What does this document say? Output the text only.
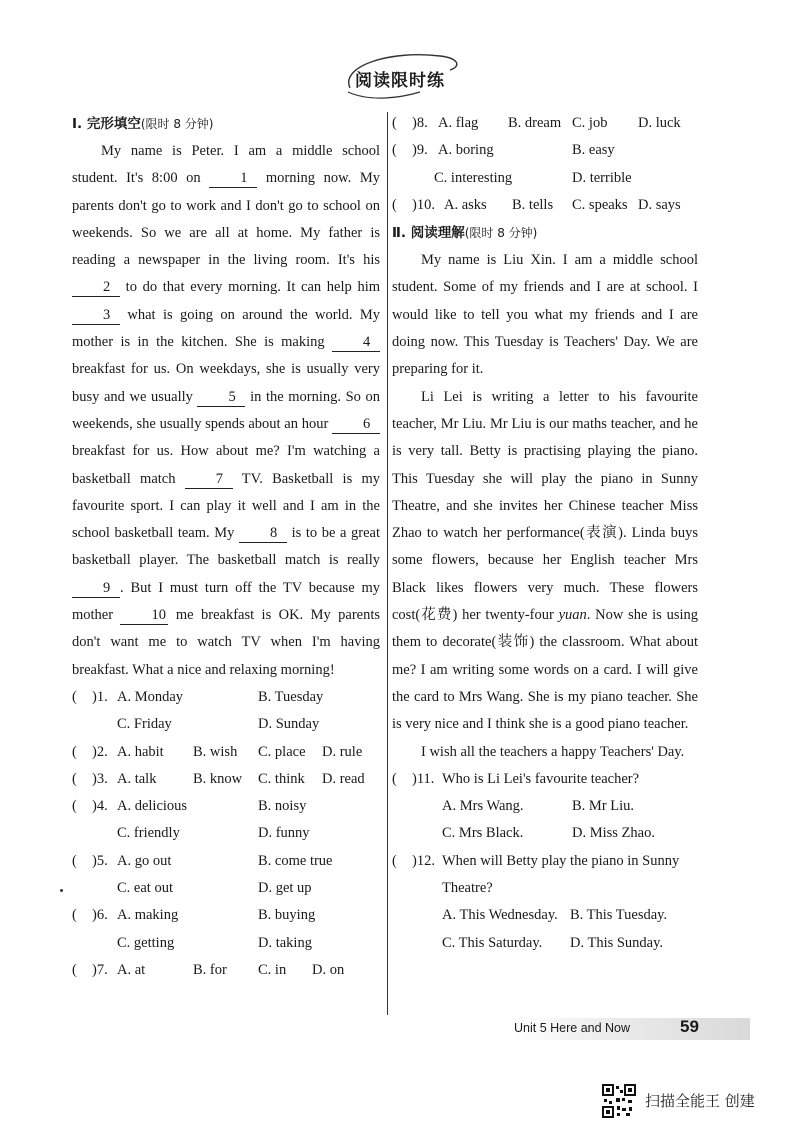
阅读限时练
Ⅰ. 完形填空(限时 8 分钟)

My name is Peter. I am a middle school student. It's 8:00 on 1 morning now. My parents don't go to work and I don't go to school on weekends. So we are all at home. My father is reading a newspaper in the living room. It's his 2 to do that every morning. It can help him 3 what is going on around the world. My mother is in the kitchen. She is making 4 breakfast for us. On weekdays, she is usually very busy and we usually 5 in the morning. So on weekends, she usually spends about an hour 6 breakfast for us. How about me? I'm watching a basketball match 7 TV. Basketball is my favourite sport. I can play it well and I am in the school basketball team. My 8 is to be a great basketball player. The basketball match is really 9 . But I must turn off the TV because my mother 10 me breakfast is OK. My parents don't want me to watch TV when I'm having breakfast. What a nice and relaxing morning!

( )1. A. Monday	B. Tuesday
C. Friday	D. Sunday
( )2. A. habit B. wish C. place D. rule
( )3. A. talk	B. know C. think D. read
( )4. A. delicious	B. noisy
C. friendly	D. funny
( )5. A. go out	B. come true
C. eat out	D. get up
( )6. A. making	B. buying
C. getting	D. taking
( )7. A. at	B. for C. in D. on
( )8. A. flag B. dream C. job D. luck
( )9. A. boring	B. easy
C. interesting	D. terrible
( )10. A. asks B. tells C. speaks D. says
Ⅱ. 阅读理解(限时 8 分钟)

My name is Liu Xin. I am a middle school student. Some of my friends and I are at school. I would like to tell you what my friends and I are doing now. This Tuesday is Teachers' Day. We are preparing for it.

Li Lei is writing a letter to his favourite teacher, Mr Liu. Mr Liu is our maths teacher, and he is very tall. Betty is practising playing the piano. This Tuesday she will play the piano in Sunny Theatre, and she invites her Chinese teacher Miss Zhao to watch her performance(表演). Linda buys some flowers, because her English teacher Mrs Black likes flowers very much. These flowers cost(花费) her twenty-four yuan. Now she is using them to decorate(装饰) the classroom. What about me? I am writing some words on a card. I will give the card to Mrs Wang. She is my piano teacher. She is very nice and I think she is a good piano teacher.

I wish all the teachers a happy Teachers' Day.

( )11. Who is Li Lei's favourite teacher?
A. Mrs Wang.	B. Mr Liu.
C. Mrs Black.	D. Miss Zhao.
( )12. When will Betty play the piano in Sunny
Theatre?
A. This Wednesday. B. This Tuesday.
C. This Saturday. D. This Sunday.
Unit 5 Here and Now	59
扫描全能王 创建
